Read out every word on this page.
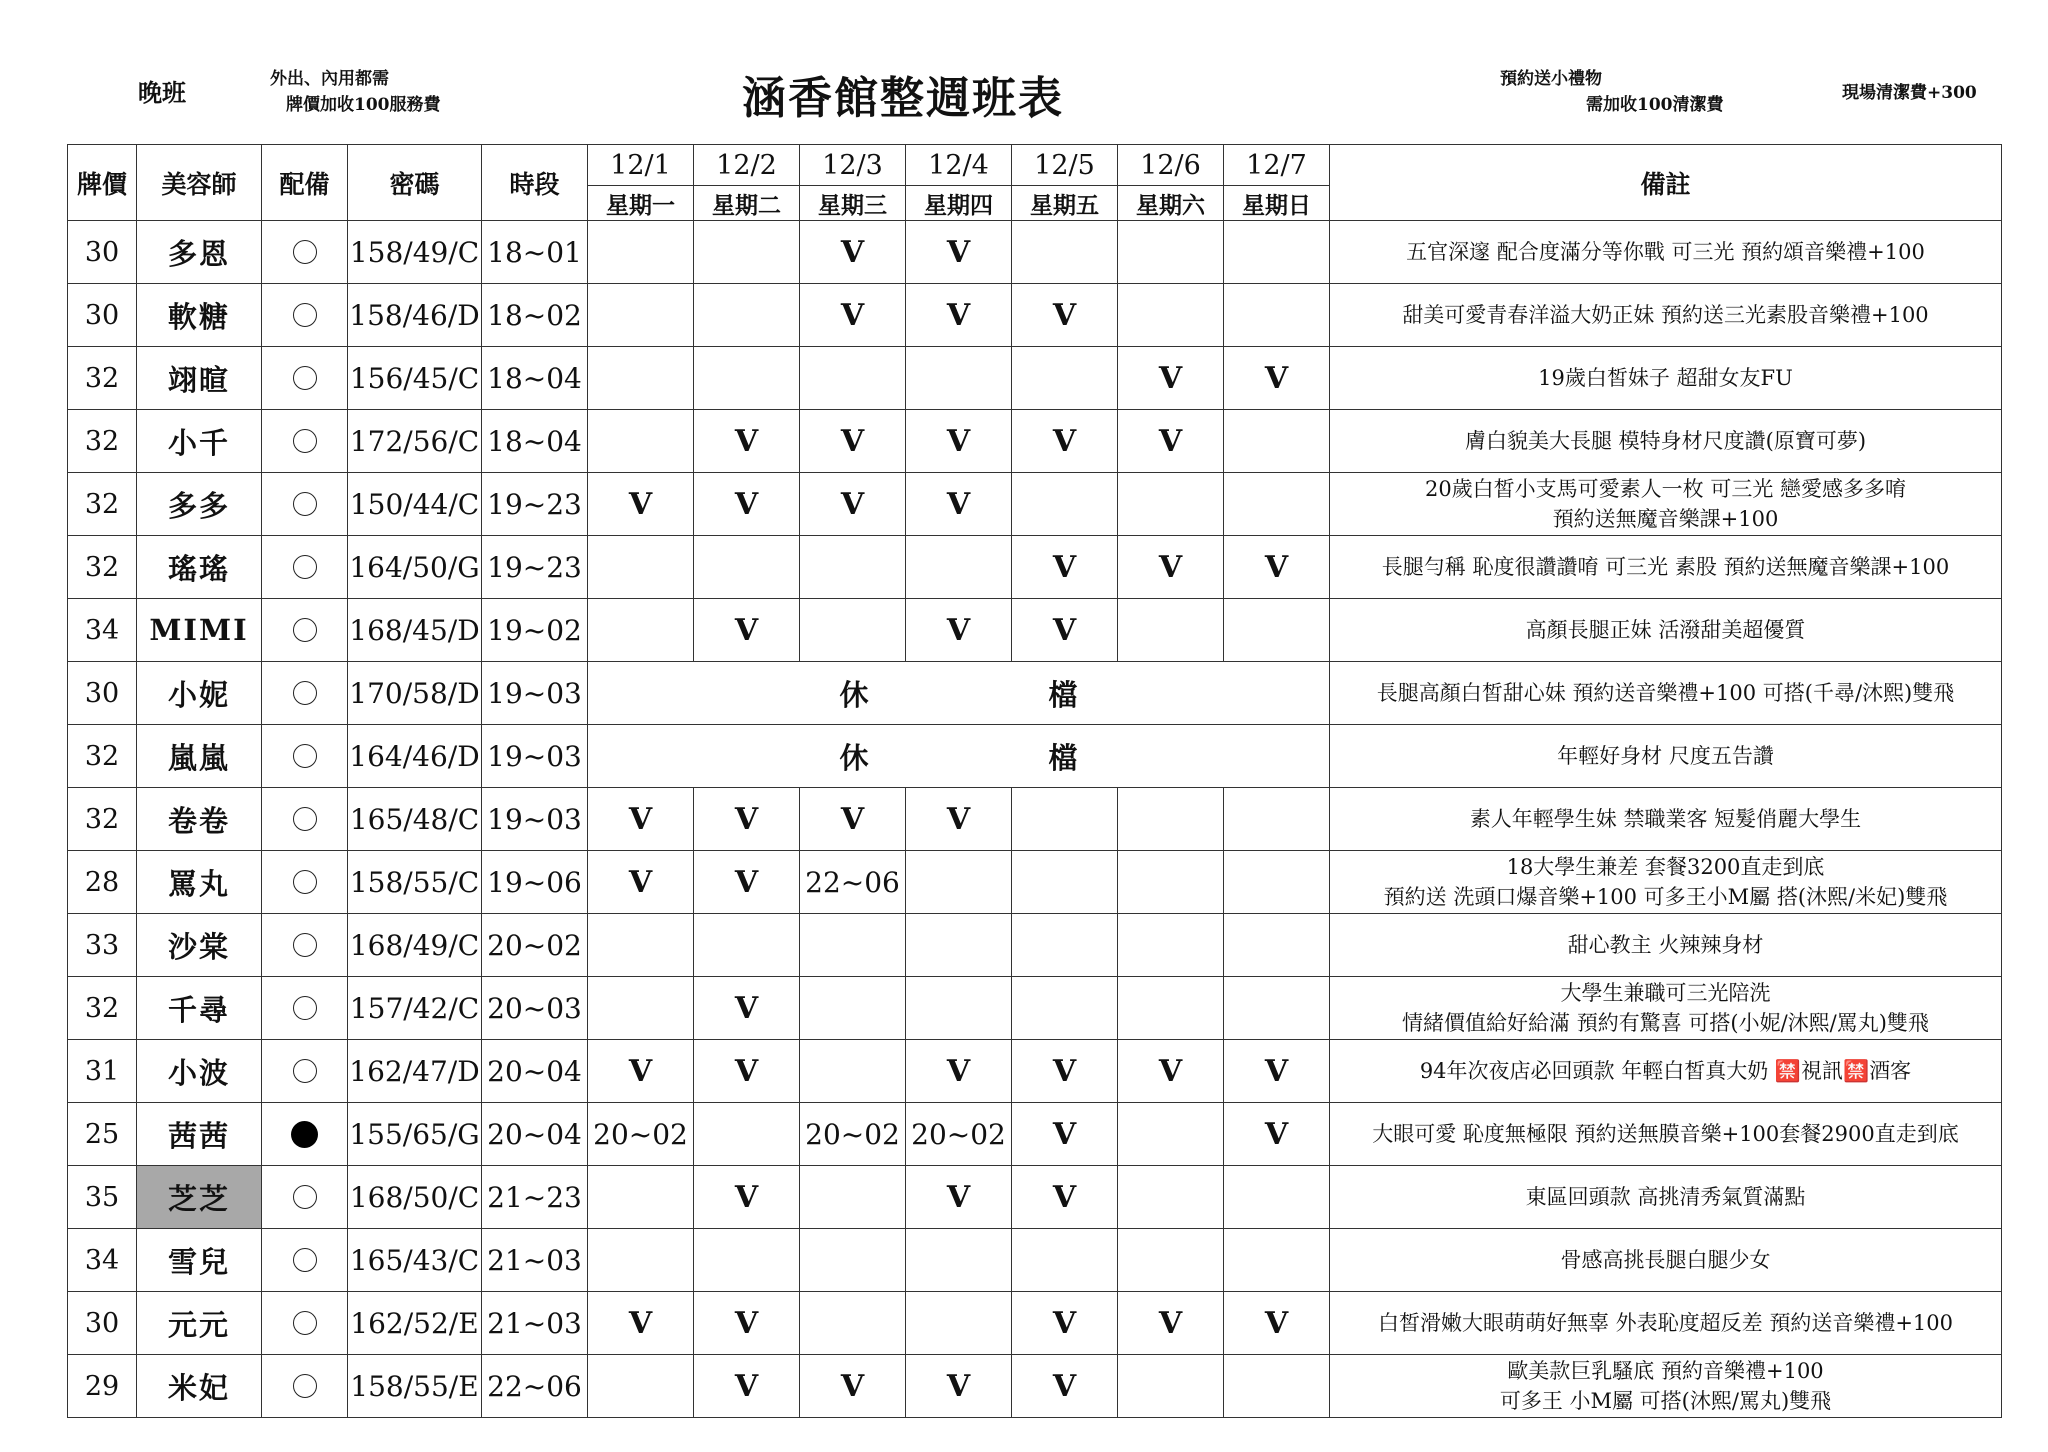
晚班	外出、內用都需
牌價加收100服務費	涵香館整週班表	預約送小禮物
需加收100清潔費
現場清潔費+300
牌價	美容師	配備	密碼	時段	12/1	12/2	12/3	12/4	12/5	12/6	12/7	備註
					星期一	星期二	星期三	星期四	星期五	星期六	星期日	
30	多恩		158/49/C	18~01			V	V				五官深邃 配合度滿分等你戰 可三光 預約頌音樂禮+100

30	軟糖		158/46/D	18~02			V	V	V			甜美可愛青春洋溢大奶正妹 預約送三光素股音樂禮+100

32	翊暄		156/45/C	18~04						V	V	19歲白皙妹子 超甜女友FU

32	小千		172/56/C	18~04		V	V	V	V	V		膚白貌美大長腿 模特身材尺度讚(原寶可夢)

32	多多		150/44/C	19~23	V	V	V	V				20歲白皙小支馬可愛素人一枚 可三光 戀愛感多多唷
預約送無魔音樂課+100

32	瑤瑤		164/50/G	19~23					V	V	V	長腿勻稱 恥度很讚讚唷 可三光 素股 預約送無魔音樂課+100

34	MIMI		168/45/D	19~02		V		V	V			高顏長腿正妹 活潑甜美超優質

30	小妮		170/58/D	19~03	休 檔							長腿高顏白皙甜心妹 預約送音樂禮+100 可搭(千尋/沐熙)雙飛

32	嵐嵐		164/46/D	19~03	休 檔							年輕好身材 尺度五告讚

32	卷卷		165/48/C	19~03	V	V	V	V				素人年輕學生妹 禁職業客 短髮俏麗大學生

28	罵丸		158/55/C	19~06	V	V	22~06					18大學生兼差 套餐3200直走到底
預約送 洗頭口爆音樂+100 可多王小M屬 搭(沐熙/米妃)雙飛

33	沙棠		168/49/C	20~02								甜心教主 火辣辣身材

32	千尋		157/42/C	20~03		V						大學生兼職可三光陪洗
情緒價值給好給滿 預約有驚喜 可搭(小妮/沐熙/罵丸)雙飛

31	小波		162/47/D	20~04	V	V		V	V	V	V	94年次夜店必回頭款 年輕白皙真大奶 🈲視訊🈲酒客

25	茜茜		155/65/G	20~04	20~02		20~02	20~02	V		V	大眼可愛 恥度無極限 預約送無膜音樂+100套餐2900直走到底

35	芝芝		168/50/C	21~23		V		V	V			東區回頭款 高挑清秀氣質滿點

34	雪兒		165/43/C	21~03								骨感高挑長腿白腿少女

30	元元		162/52/E	21~03	V	V			V	V	V	白皙滑嫩大眼萌萌好無辜 外表恥度超反差 預約送音樂禮+100

29	米妃		158/55/E	22~06		V	V	V	V			歐美款巨乳騷底 預約音樂禮+100
可多王 小M屬 可搭(沐熙/罵丸)雙飛
